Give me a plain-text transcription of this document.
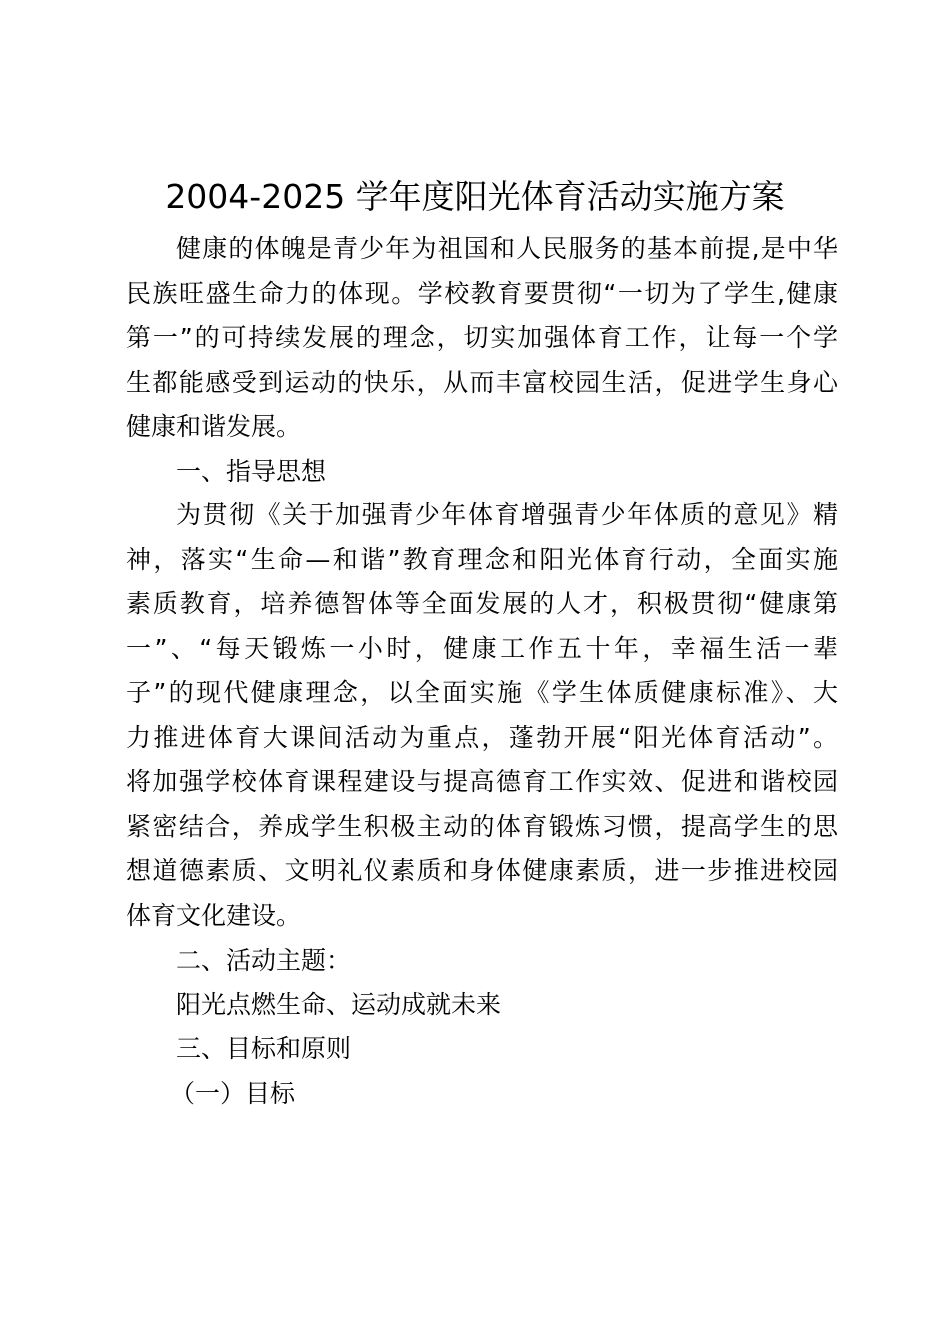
2004-2025 学年度阳光体育活动实施方案
健康的体魄是青少年为祖国和人民服务的基本前提,是中华
民族旺盛生命力的体现。学校教育要贯彻“一切为了学生,健康
第一”的可持续发展的理念，切实加强体育工作，让每一个学
生都能感受到运动的快乐，从而丰富校园生活，促进学生身心
健康和谐发展。
一、指导思想
为贯彻《关于加强青少年体育增强青少年体质的意见》精
神，落实“生命—和谐”教育理念和阳光体育行动，全面实施
素质教育，培养德智体等全面发展的人才，积极贯彻“健康第
一”、“每天锻炼一小时，健康工作五十年，幸福生活一辈
子”的现代健康理念，以全面实施《学生体质健康标准》、大
力推进体育大课间活动为重点，蓬勃开展“阳光体育活动”。
将加强学校体育课程建设与提高德育工作实效、促进和谐校园
紧密结合，养成学生积极主动的体育锻炼习惯，提高学生的思
想道德素质、文明礼仪素质和身体健康素质，进一步推进校园
体育文化建设。
二、活动主题：
阳光点燃生命、运动成就未来
三、目标和原则
（一）目标
